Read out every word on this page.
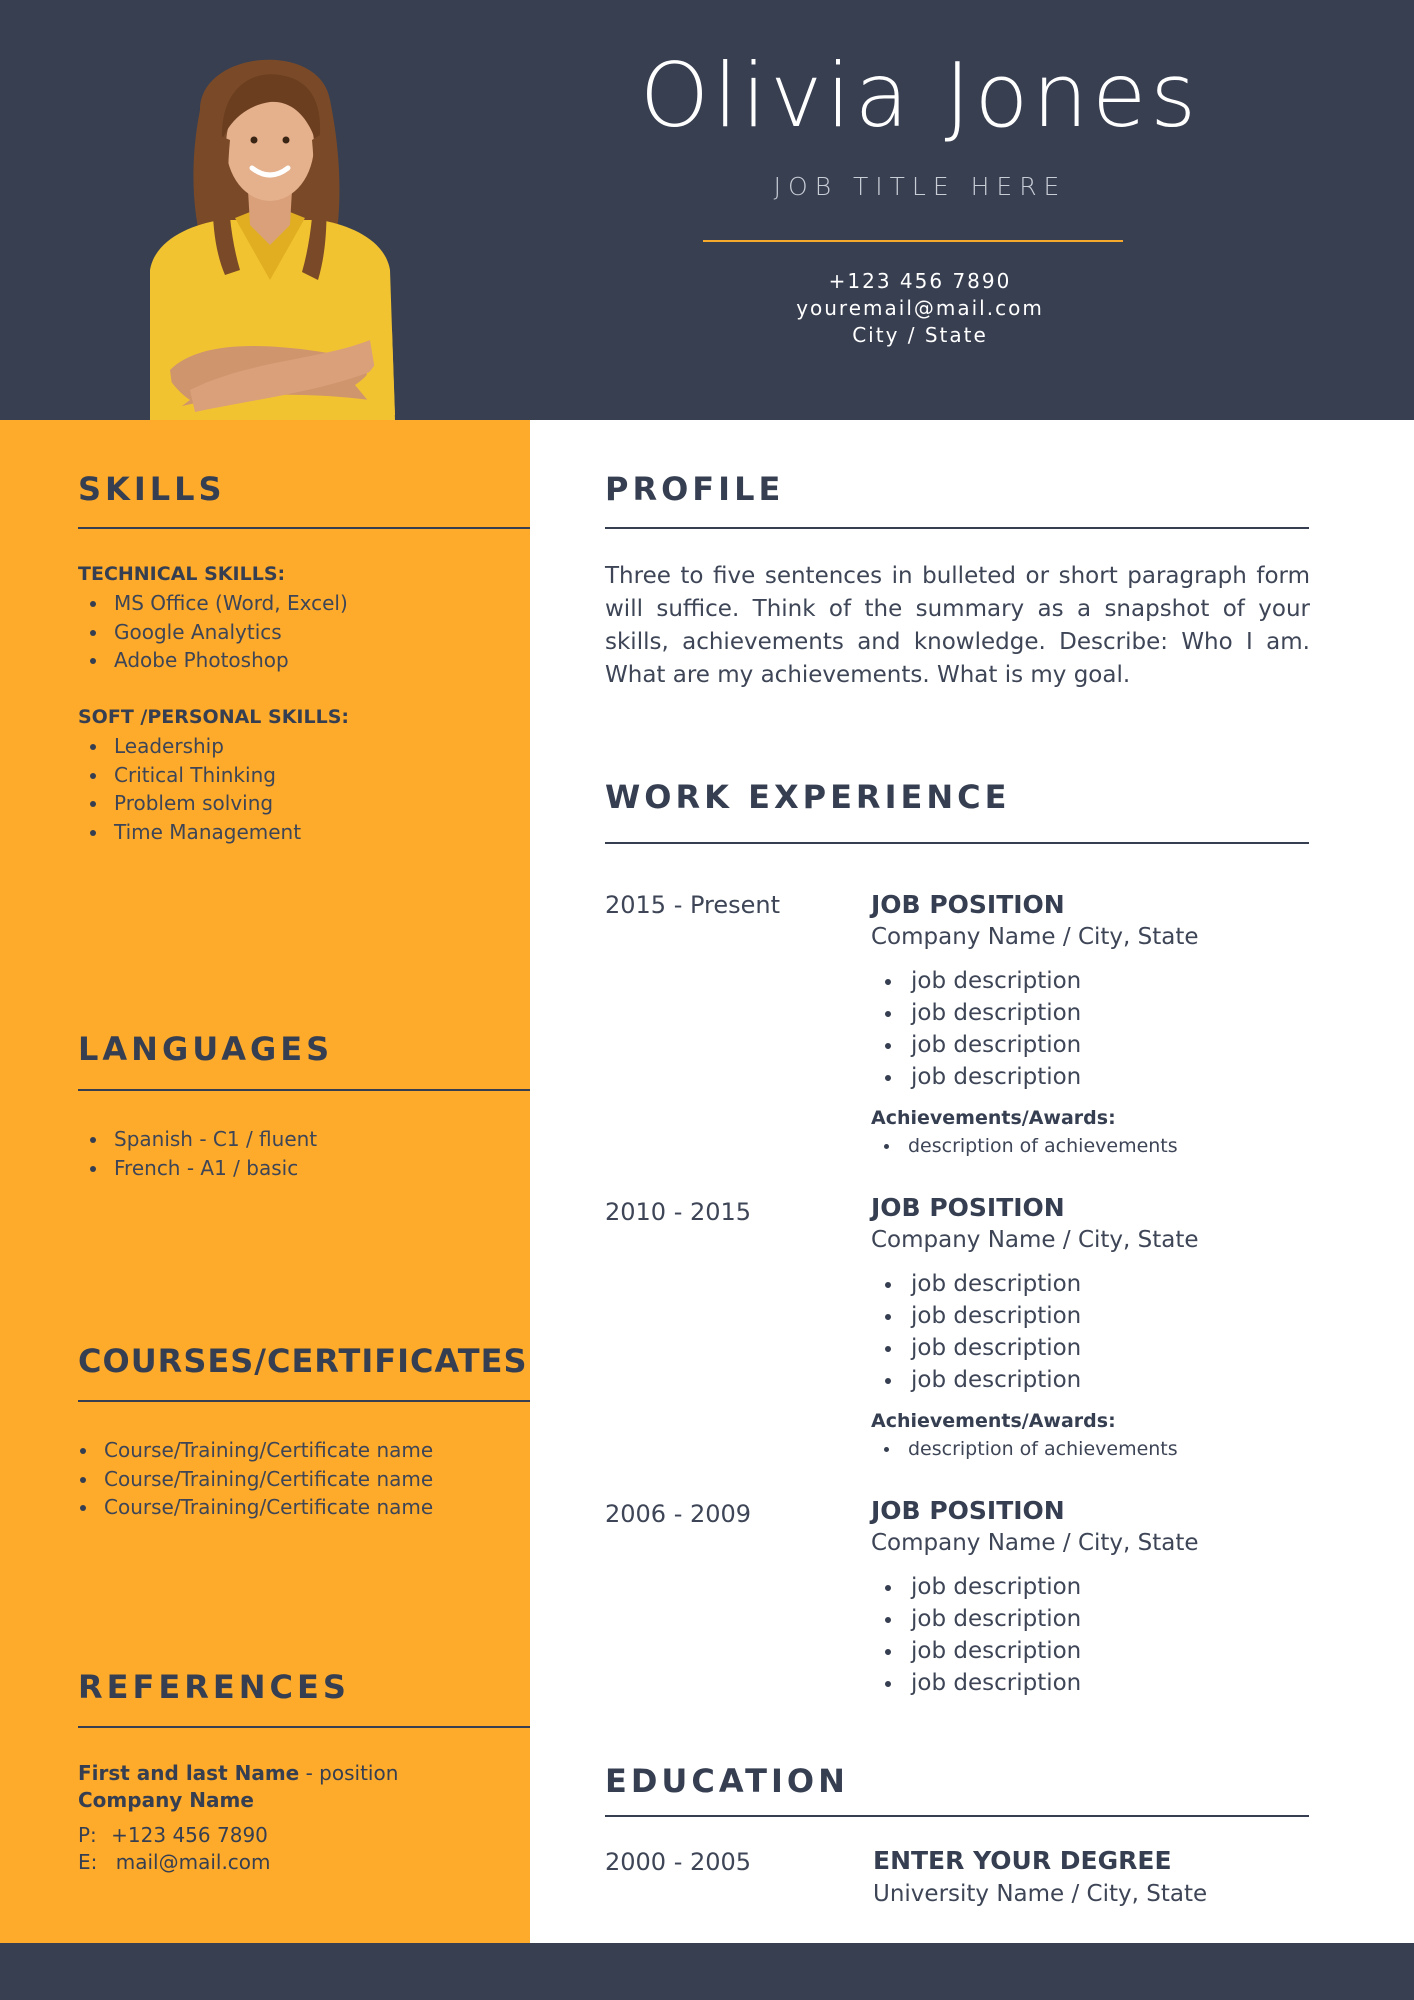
Olivia Jones
JOB TITLE HERE
+123 456 7890
youremail@mail.com
City / State
SKILLS
TECHNICAL SKILLS:
MS Office (Word, Excel)
Google Analytics
Adobe Photoshop
SOFT /PERSONAL SKILLS:
Leadership
Critical Thinking
Problem solving
Time Management
LANGUAGES
Spanish - C1 / fluent
French - A1 / basic
COURSES/CERTIFICATES
Course/Training/Certificate name
Course/Training/Certificate name
Course/Training/Certificate name
REFERENCES
First and last Name - position
Company Name
P: +123 456 7890
E: mail@mail.com
PROFILE
Three to five sentences in bulleted or short paragraph form will suffice. Think of the summary as a snapshot of your skills, achievements and knowledge. Describe: Who I am. What are my achievements. What is my goal.
WORK EXPERIENCE
2015 - Present	JOB POSITION
Company Name / City, State
job description
job description
job description
job description
Achievements/Awards:
description of achievements
2010 - 2015	JOB POSITION
Company Name / City, State
job description
job description
job description
job description
Achievements/Awards:
description of achievements
2006 - 2009	JOB POSITION
Company Name / City, State
job description
job description
job description
job description
EDUCATION
2000 - 2005	ENTER YOUR DEGREE
University Name / City, State
